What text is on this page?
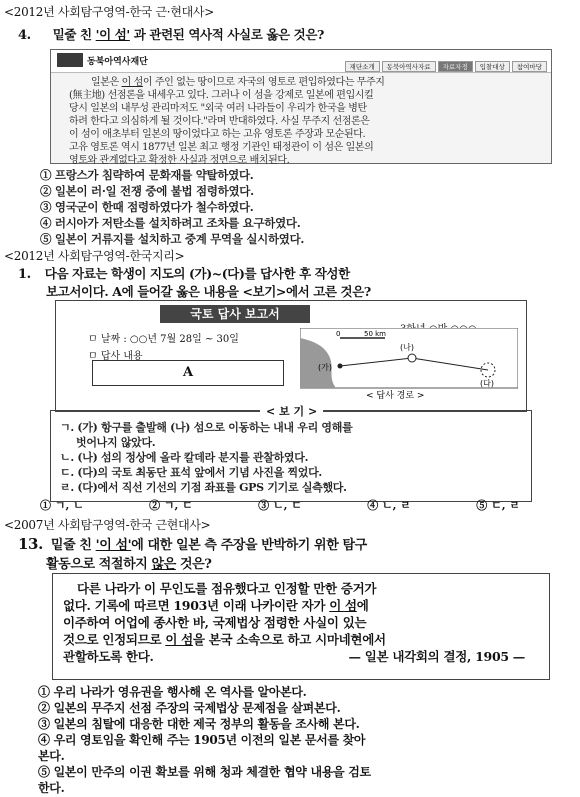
<2012년 사회탐구영역-한국 근·현대사>
4. 밑줄 친 '이 섬' 과 관련된 역사적 사실로 옳은 것은?
동북아역사재단	재단소개	동북아역사자료	자료자정	입찰대상	참여마당
일본은 이 섬이 주인 없는 땅이므로 자국의 영토로 편입하였다는 무주지
(無主地) 선점론을 내세우고 있다. 그러나 이 섬을 강제로 일본에 편입시킬
당시 일본의 내무성 관리마저도 "외국 여러 나라들이 우리가 한국을 병탄
하려 한다고 의심하게 될 것이다."라며 반대하였다. 사실 무주지 선점론은
이 섬이 애초부터 일본의 땅이었다고 하는 고유 영토론 주장과 모순된다.
고유 영토론 역시 1877년 일본 최고 행정 기관인 태정관이 이 섬은 일본의
영토와 관계없다고 확정한 사실과 정면으로 배치된다.
① 프랑스가 침략하여 문화재를 약탈하였다.
② 일본이 러·일 전쟁 중에 불법 점령하였다.
③ 영국군이 한때 점령하였다가 철수하였다.
④ 러시아가 저탄소를 설치하려고 조차를 요구하였다.
⑤ 일본이 거류지를 설치하고 중계 무역을 실시하였다.
<2012년 사회탐구영역-한국지리>
1. 다음 자료는 학생이 지도의 (가)~(다)를 답사한 후 작성한
보고서이다. A에 들어갈 옳은 내용을 <보기>에서 고른 것은?
국토 답사 보고서
ㅁ 날짜 : ○○년 7월 28일 ~ 30일
ㅁ 답사 내용
A
0	50 km
(가)
(나)
(다)
< 답사 경로 >
< 보 기 >
ㄱ. (가) 항구를 출발해 (나) 섬으로 이동하는 내내 우리 영해를
벗어나지 않았다.
ㄴ. (나) 섬의 정상에 올라 칼데라 분지를 관찰하였다.
ㄷ. (다)의 국토 최동단 표석 앞에서 기념 사진을 찍었다.
ㄹ. (다)에서 직선 기선의 기점 좌표를 GPS 기기로 실측했다.
① ㄱ, ㄴ	② ㄱ, ㄷ	③ ㄴ, ㄷ	④ ㄴ, ㄹ	⑤ ㄷ, ㄹ
<2007년 사회탐구영역-한국 근현대사>
13. 밑줄 친 '이 섬'에 대한 일본 측 주장을 반박하기 위한 탐구
활동으로 적절하지 않은 것은?
다른 나라가 이 무인도를 점유했다고 인정할 만한 증거가
없다. 기록에 따르면 1903년 이래 나카이란 자가 이 섬에
이주하여 어업에 종사한 바, 국제법상 점령한 사실이 있는
것으로 인정되므로 이 섬을 본국 소속으로 하고 시마네현에서
관할하도록 한다.	— 일본 내각회의 결정, 1905 —
① 우리 나라가 영유권을 행사해 온 역사를 알아본다.
② 일본의 무주지 선점 주장의 국제법상 문제점을 살펴본다.
③ 일본의 침탈에 대응한 대한 제국 정부의 활동을 조사해 본다.
④ 우리 영토임을 확인해 주는 1905년 이전의 일본 문서를 찾아
본다.
⑤ 일본이 만주의 이권 확보를 위해 청과 체결한 협약 내용을 검토
한다.
